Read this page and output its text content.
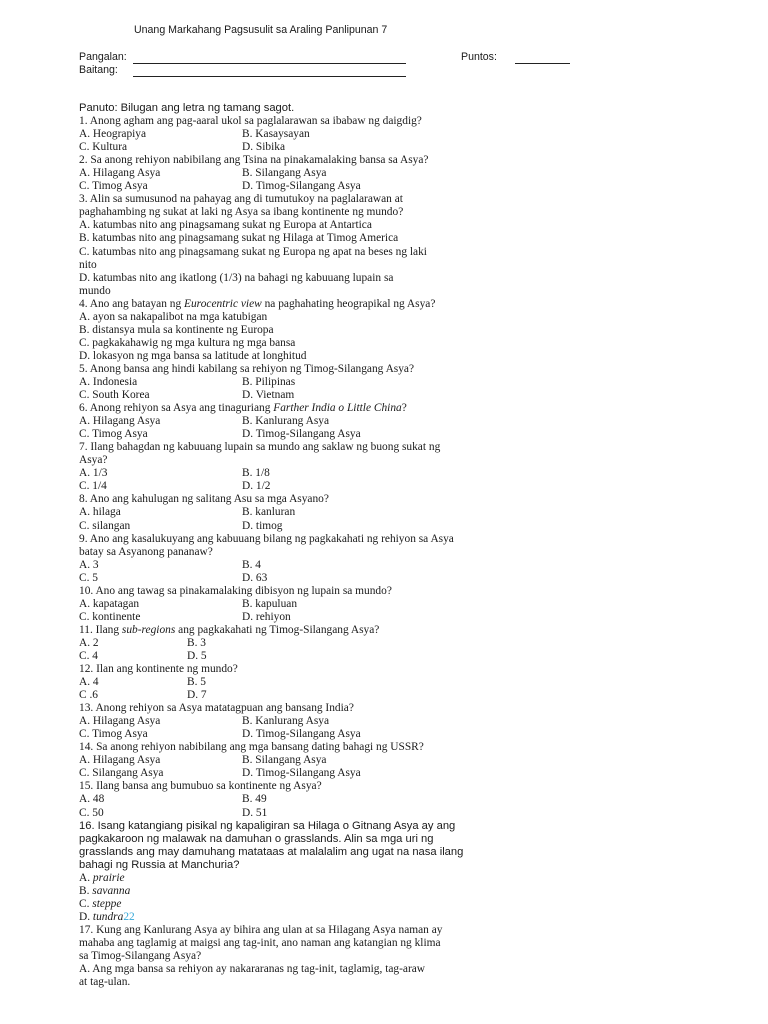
Unang Markahang Pagsusulit sa Araling Panlipunan 7
Pangalan:
Baitang:
Puntos:
Panuto: Bilugan ang letra ng tamang sagot.
1. Anong agham ang pag-aaral ukol sa paglalarawan sa ibabaw ng daigdig?
A. Heograpiya	B. Kasaysayan
C. Kultura	D. Sibika
2. Sa anong rehiyon nabibilang ang Tsina na pinakamalaking bansa sa Asya?
A. Hilagang Asya	B. Silangang Asya
C. Timog Asya	D. Timog-Silangang Asya
3. Alin sa sumusunod na pahayag ang di tumutukoy na paglalarawan at
paghahambing ng sukat at laki ng Asya sa ibang kontinente ng mundo?
A. katumbas nito ang pinagsamang sukat ng Europa at Antartica
B. katumbas nito ang pinagsamang sukat ng Hilaga at Timog America
C. katumbas nito ang pinagsamang sukat ng Europa ng apat na beses ng laki
nito
D. katumbas nito ang ikatlong (1/3) na bahagi ng kabuuang lupain sa
mundo
4. Ano ang batayan ng Eurocentric view na paghahating heograpikal ng Asya?
A. ayon sa nakapalibot na mga katubigan
B. distansya mula sa kontinente ng Europa
C. pagkakahawig ng mga kultura ng mga bansa
D. lokasyon ng mga bansa sa latitude at longhitud
5. Anong bansa ang hindi kabilang sa rehiyon ng Timog-Silangang Asya?
A. Indonesia	B. Pilipinas
C. South Korea	D. Vietnam
6. Anong rehiyon sa Asya ang tinaguriang Farther India o Little China?
A. Hilagang Asya	B. Kanlurang Asya
C. Timog Asya	D. Timog-Silangang Asya
7. Ilang bahagdan ng kabuuang lupain sa mundo ang saklaw ng buong sukat ng
Asya?
A. 1/3	B. 1/8
C. 1/4	D. 1/2
8. Ano ang kahulugan ng salitang Asu sa mga Asyano?
A. hilaga	B. kanluran
C. silangan	D. timog
9. Ano ang kasalukuyang ang kabuuang bilang ng pagkakahati ng rehiyon sa Asya
batay sa Asyanong pananaw?
A. 3	B. 4
C. 5	D. 63
10. Ano ang tawag sa pinakamalaking dibisyon ng lupain sa mundo?
A. kapatagan	B. kapuluan
C. kontinente	D. rehiyon
11. Ilang sub-regions ang pagkakahati ng Timog-Silangang Asya?
A. 2	B. 3
C. 4	D. 5
12. Ilan ang kontinente ng mundo?
A. 4	B. 5
C .6	D. 7
13. Anong rehiyon sa Asya matatagpuan ang bansang India?
A. Hilagang Asya	B. Kanlurang Asya
C. Timog Asya	D. Timog-Silangang Asya
14. Sa anong rehiyon nabibilang ang mga bansang dating bahagi ng USSR?
A. Hilagang Asya	B. Silangang Asya
C. Silangang Asya	D. Timog-Silangang Asya
15. Ilang bansa ang bumubuo sa kontinente ng Asya?
A. 48	B. 49
C. 50	D. 51
16. Isang katangiang pisikal ng kapaligiran sa Hilaga o Gitnang Asya ay ang
pagkakaroon ng malawak na damuhan o grasslands. Alin sa mga uri ng
grasslands ang may damuhang matataas at malalalim ang ugat na nasa ilang
bahagi ng Russia at Manchuria?
A. prairie
B. savanna
C. steppe
D. tundra22
17. Kung ang Kanlurang Asya ay bihira ang ulan at sa Hilagang Asya naman ay
mahaba ang taglamig at maigsi ang tag-init, ano naman ang katangian ng klima
sa Timog-Silangang Asya?
A. Ang mga bansa sa rehiyon ay nakararanas ng tag-init, taglamig, tag-araw
at tag-ulan.
